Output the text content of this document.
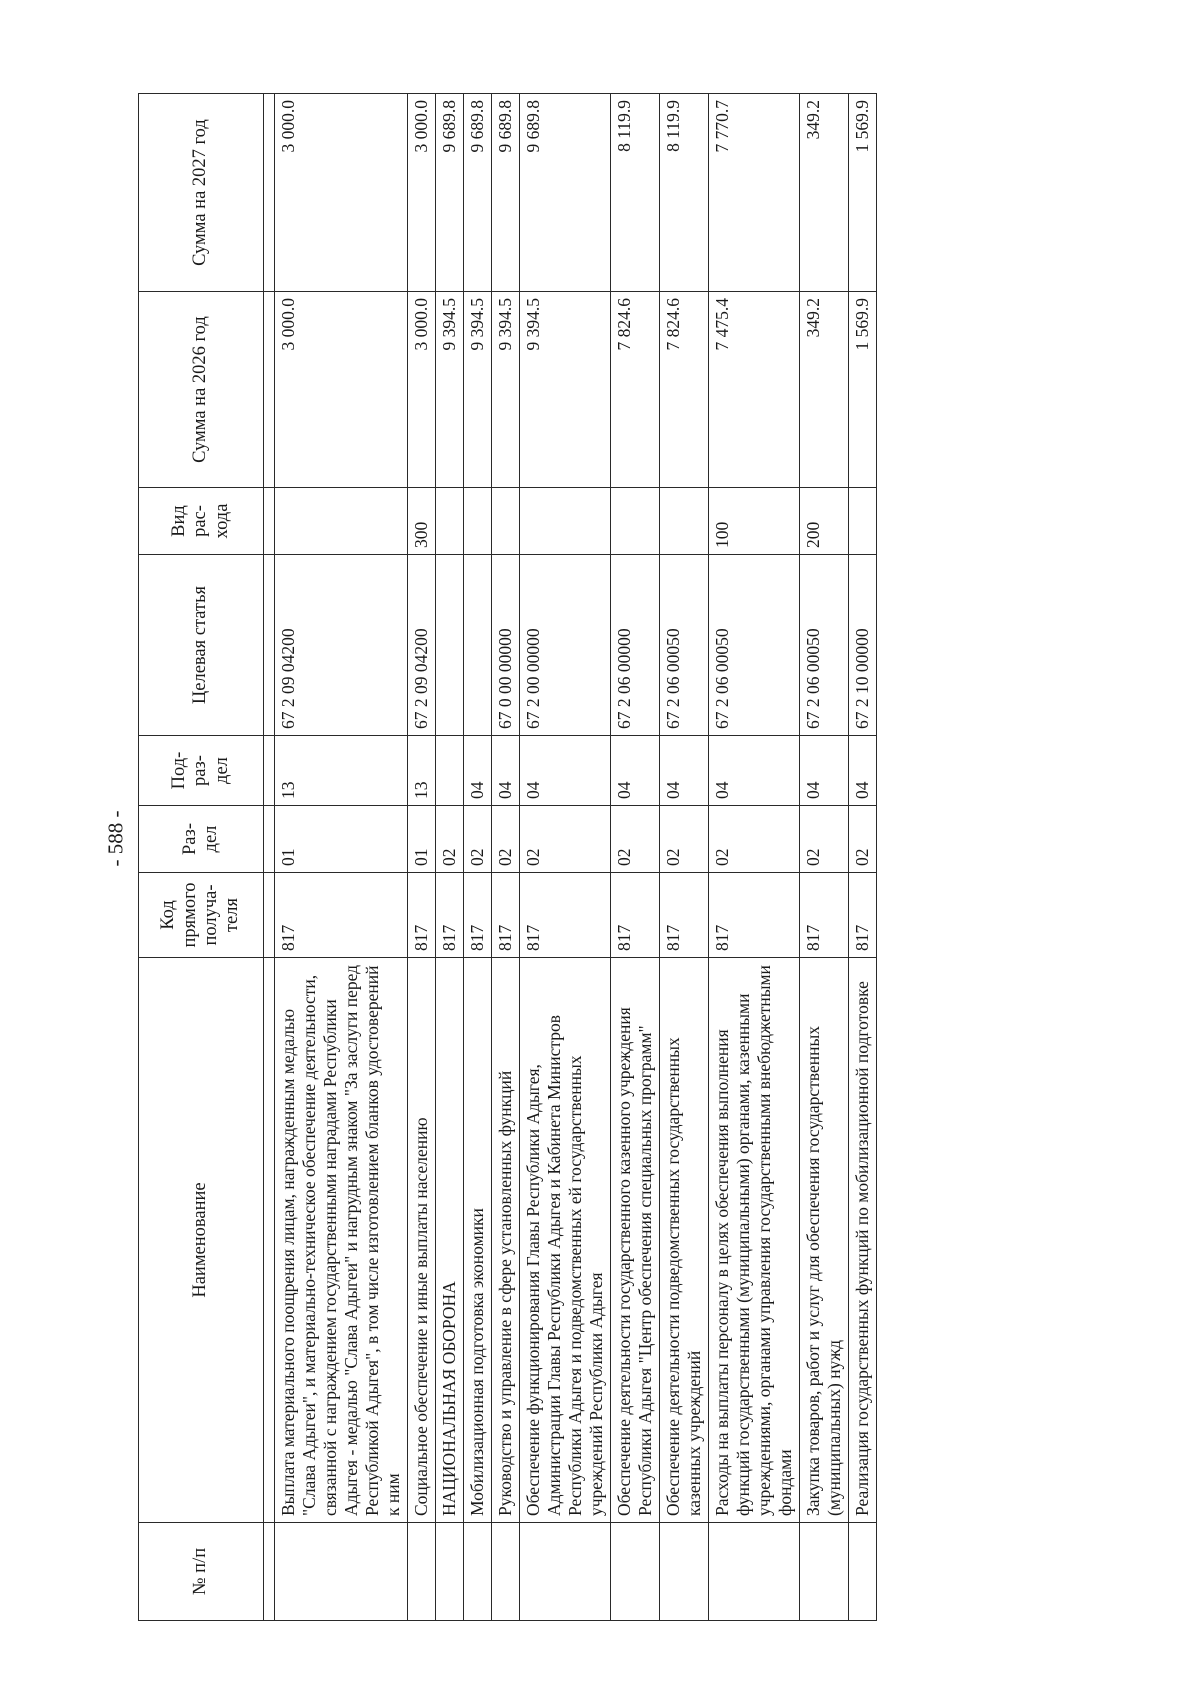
- 588 -
№ п/п	Наименование	Код прямого получа-теля	Раз-дел	Под-раз-дел	Целевая статья	Вид рас-хода	Сумма на 2026 год	Сумма на 2027 год

	Выплата материального поощрения лицам, награжденным медалью "Слава Адыгеи", и материально-техническое обеспечение деятельности, связанной с награждением государственными наградами Республики Адыгея - медалью "Слава Адыгеи" и нагрудным знаком "За заслуги перед Республикой Адыгея", в том числе изготовлением бланков удостоверений к ним	817	01	13	67 2 09 04200		3 000.0	3 000.0
	Социальное обеспечение и иные выплаты населению	817	01	13	67 2 09 04200	300	3 000.0	3 000.0
	НАЦИОНАЛЬНАЯ ОБОРОНА	817	02				9 394.5	9 689.8
	Мобилизационная подготовка экономики	817	02	04			9 394.5	9 689.8
	Руководство и управление в сфере установленных функций	817	02	04	67 0 00 00000		9 394.5	9 689.8
	Обеспечение функционирования Главы Республики Адыгея, Администрации Главы Республики Адыгея и Кабинета Министров Республики Адыгея и подведомственных ей государственных учреждений Республики Адыгея	817	02	04	67 2 00 00000		9 394.5	9 689.8
	Обеспечение деятельности государственного казенного учреждения Республики Адыгея "Центр обеспечения специальных программ"	817	02	04	67 2 06 00000		7 824.6	8 119.9
	Обеспечение деятельности подведомственных государственных казенных учреждений	817	02	04	67 2 06 00050		7 824.6	8 119.9
	Расходы на выплаты персоналу в целях обеспечения выполнения функций государственными (муниципальными) органами, казенными учреждениями, органами управления государственными внебюджетными фондами	817	02	04	67 2 06 00050	100	7 475.4	7 770.7
	Закупка товаров, работ и услуг для обеспечения государственных (муниципальных) нужд	817	02	04	67 2 06 00050	200	349.2	349.2
	Реализация государственных функций по мобилизационной подготовке	817	02	04	67 2 10 00000		1 569.9	1 569.9
